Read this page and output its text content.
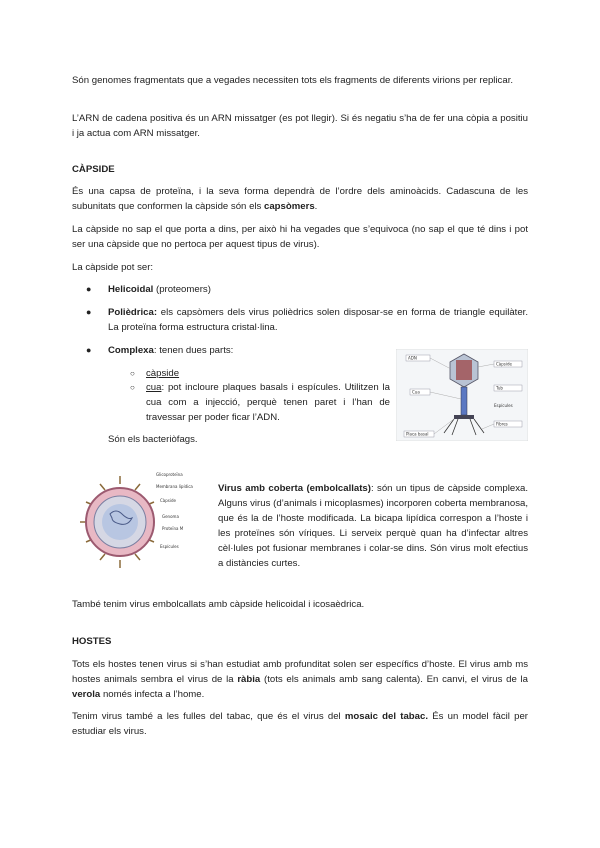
Són genomes fragmentats que a vegades necessiten tots els fragments de diferents virions per replicar.

L’ARN de cadena positiva és un ARN missatger (es pot llegir). Si és negatiu s’ha de fer una còpia a positiu i ja actua com ARN missatger.

CÀPSIDE

És una capsa de proteïna, i la seva forma dependrà de l’ordre dels aminoàcids. Cadascuna de les subunitats que conformen la càpside són els capsòmers.

La càpside no sap el que porta a dins, per això hi ha vegades que s’equivoca (no sap el que té dins i pot ser una càpside que no pertoca per aquest tipus de virus).

La càpside pot ser:

● Helicoidal (proteomers)
● Polièdrica: els capsòmers dels virus polièdrics solen disposar-se en forma de triangle equilàter. La proteïna forma estructura cristal·lina.
● Complexa: tenen dues parts:
○ càpside
○ cua: pot incloure plaques basals i espícules. Utilitzen la cua com a injecció, perquè tenen paret i l’han de travessar per poder ficar l’ADN.

Són els bacteriòfags.

Virus amb coberta (embolcallats): són un tipus de càpside complexa. Alguns virus (d’animals i micoplasmes) incorporen coberta membranosa, que és la de l’hoste modificada. La bicapa lipídica correspon a l’hoste i les proteïnes són víriques. Li serveix perquè quan ha d’infectar altres cèl·lules pot fusionar membranes i colar-se dins. Són virus molt efectius a distàncies curtes.

També tenim virus embolcallats amb càpside helicoidal i icosaèdrica.

HOSTES

Tots els hostes tenen virus si s’han estudiat amb profunditat solen ser específics d’hoste. El virus amb ms hostes animals sembra el virus de la ràbia (tots els animals amb sang calenta). En canvi, el virus de la verola només infecta a l’home.

Tenim virus també a les fulles del tabac, que és el virus del mosaic del tabac. És un model fàcil per estudiar els virus.

ADN
Càpside
Cua
Tub
Fibres
Placa basal
Espícules
Glicoproteïna
Membrana lipídica
Càpside
Genoma
Proteïna M
Espícules
